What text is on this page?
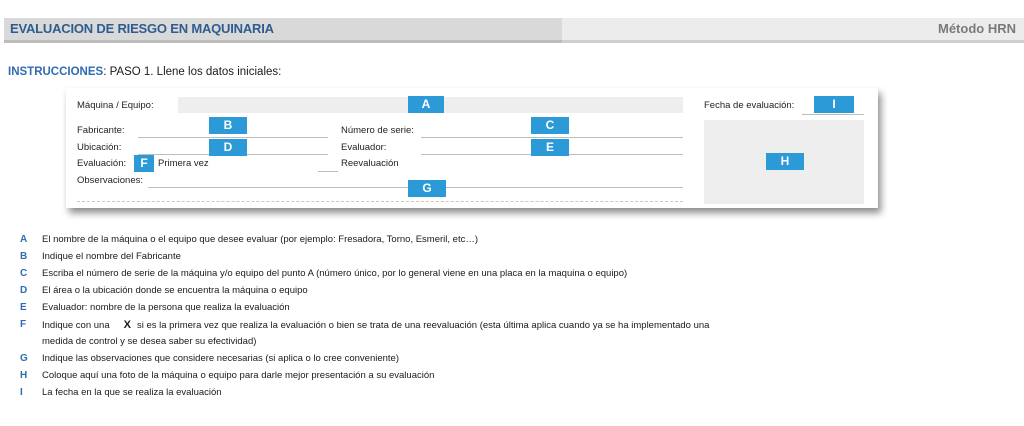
EVALUACION DE RIESGO EN MAQUINARIA	Método HRN
INSTRUCCIONES: PASO 1. Llene los datos iniciales:
Máquina / Equipo:	A	Fecha de evaluación:	I
H
Fabricante:	B	Número de serie:	C
Ubicación:	D	Evaluador:	E
Evaluación:	F	Primera vez	Reevaluación
Observaciones:
G
A	El nombre de la máquina o el equipo que desee evaluar (por ejemplo: Fresadora, Torno, Esmeril, etc…)
B	Indique el nombre del Fabricante
C	Escriba el número de serie de la máquina y/o equipo del punto A (número único, por lo general viene en una placa en la maquina o equipo)
D	El área o la ubicación donde se encuentra la máquina o equipo
E	Evaluador: nombre de la persona que realiza la evaluación
F	Indique con una X si es la primera vez que realiza la evaluación o bien se trata de una reevaluación (esta última aplica cuando ya se ha implementado una
medida de control y se desea saber su efectividad)
G	Indique las observaciones que considere necesarias (si aplica o lo cree conveniente)
H	Coloque aquí una foto de la máquina o equipo para darle mejor presentación a su evaluación
I	La fecha en la que se realiza la evaluación
